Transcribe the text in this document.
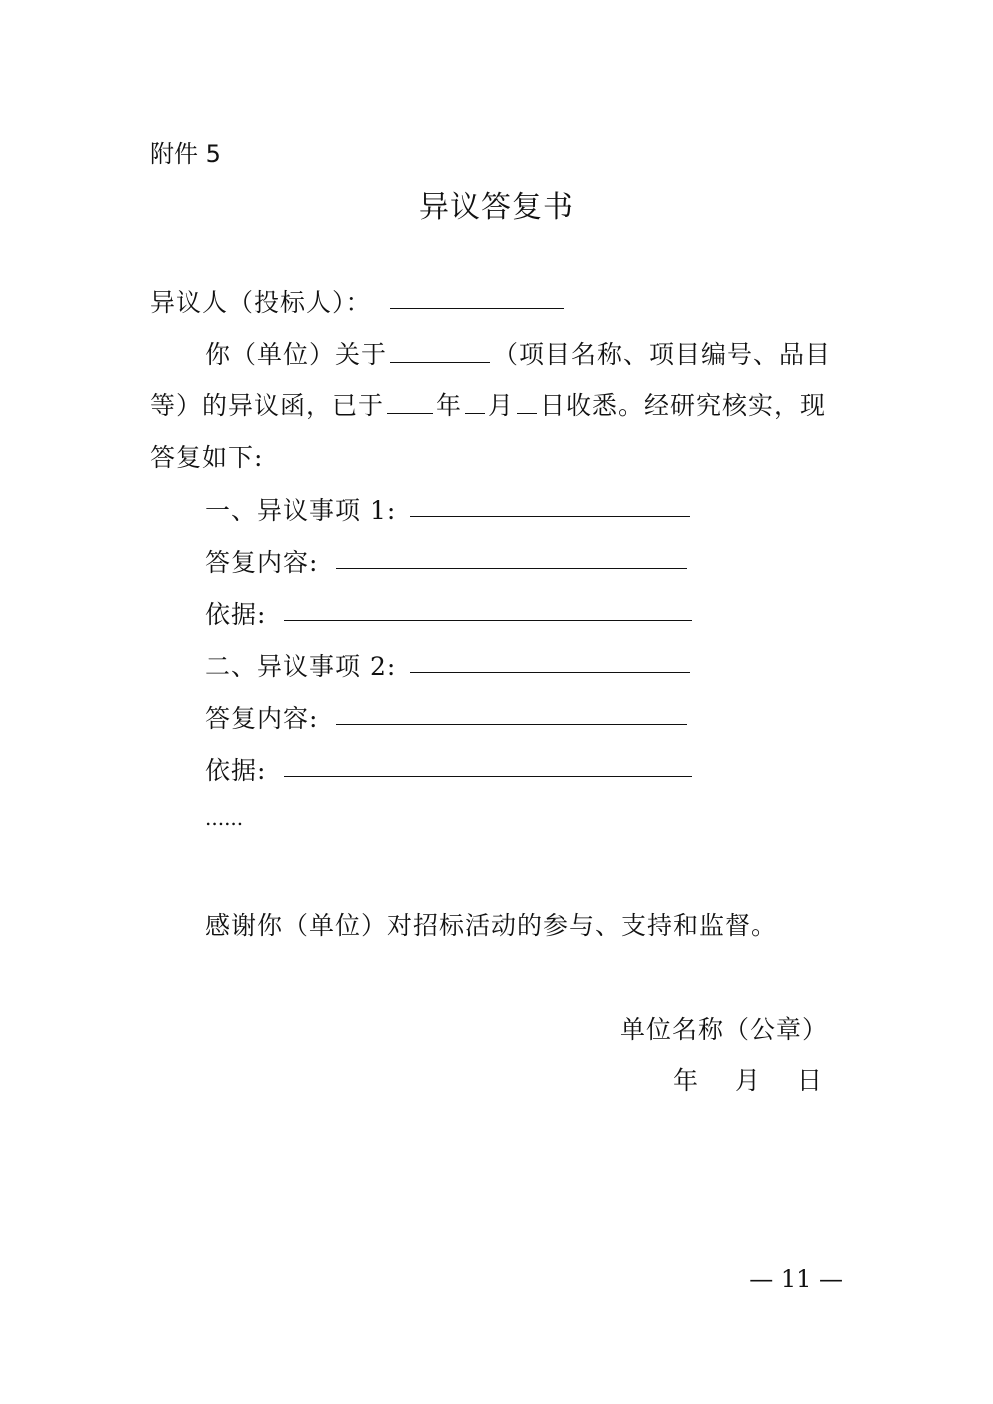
附件 5
异议答复书
异议人（投标人）：
你（单位）关于	（项目名称、项目编号、品目
等）的异议函，已于 年 月 日收悉。经研究核实，现
答复如下:
一、异议事项 1:
答复内容:
依据:
二、异议事项 2:
答复内容:
依据:
......
感谢你（单位）对招标活动的参与、支持和监督。
单位名称（公章）
年　月　日
— 11 —
